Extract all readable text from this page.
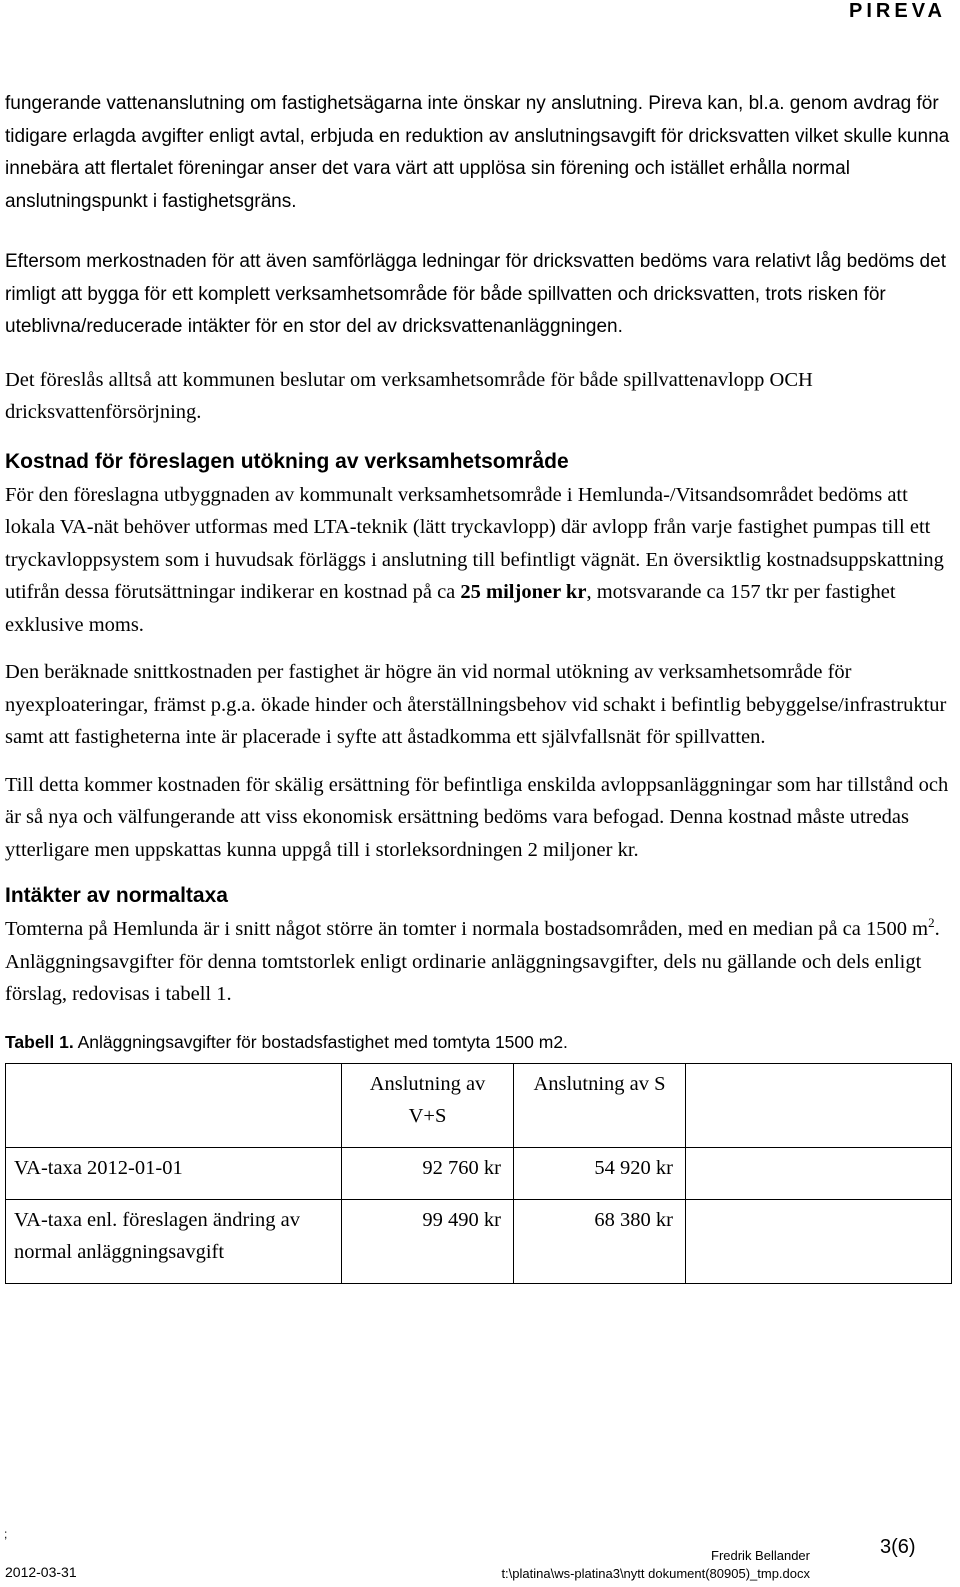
PIREVA

fungerande vattenanslutning om fastighetsägarna inte önskar ny anslutning. Pireva kan, bl.a. genom avdrag för tidigare erlagda avgifter enligt avtal, erbjuda en reduktion av anslutningsavgift för dricksvatten vilket skulle kunna innebära att flertalet föreningar anser det vara värt att upplösa sin förening och istället erhålla normal anslutningspunkt i fastighetsgräns.

Eftersom merkostnaden för att även samförlägga ledningar för dricksvatten bedöms vara relativt låg bedöms det rimligt att bygga för ett komplett verksamhetsområde för både spillvatten och dricksvatten, trots risken för uteblivna/reducerade intäkter för en stor del av dricksvattenanläggningen.

Det föreslås alltså att kommunen beslutar om verksamhetsområde för både spillvattenavlopp OCH dricksvattenförsörjning.

Kostnad för föreslagen utökning av verksamhetsområde

För den föreslagna utbyggnaden av kommunalt verksamhetsområde i Hemlunda-/Vitsandsområdet bedöms att lokala VA-nät behöver utformas med LTA-teknik (lätt tryckavlopp) där avlopp från varje fastighet pumpas till ett tryckavloppsystem som i huvudsak förläggs i anslutning till befintligt vägnät. En översiktlig kostnadsuppskattning utifrån dessa förutsättningar indikerar en kostnad på ca 25 miljoner kr, motsvarande ca 157 tkr per fastighet exklusive moms.

Den beräknade snittkostnaden per fastighet är högre än vid normal utökning av verksamhetsområde för nyexploateringar, främst p.g.a. ökade hinder och återställningsbehov vid schakt i befintlig bebyggelse/infrastruktur samt att fastigheterna inte är placerade i syfte att åstadkomma ett självfallsnät för spillvatten.

Till detta kommer kostnaden för skälig ersättning för befintliga enskilda avloppsanläggningar som har tillstånd och är så nya och välfungerande att viss ekonomisk ersättning bedöms vara befogad. Denna kostnad måste utredas ytterligare men uppskattas kunna uppgå till i storleksordningen 2 miljoner kr.

Intäkter av normaltaxa

Tomterna på Hemlunda är i snitt något större än tomter i normala bostadsområden, med en median på ca 1500 $m^2$. Anläggningsavgifter för denna tomtstorlek enligt ordinarie anläggningsavgifter, dels nu gällande och dels enligt förslag, redovisas i tabell 1.

Tabell 1. Anläggningsavgifter för bostadsfastighet med tomtyta 1500 m2.
	Anslutning av V+S	Anslutning av S	
VA-taxa 2012-01-01	92 760 kr	54 920 kr	
VA-taxa enl. föreslagen ändring av normal anläggningsavgift	99 490 kr	68 380 kr	
;
2012-03-31
Fredrik Bellander
t:\platina\ws-platina3\nytt dokument(80905)_tmp.docx
3(6)
